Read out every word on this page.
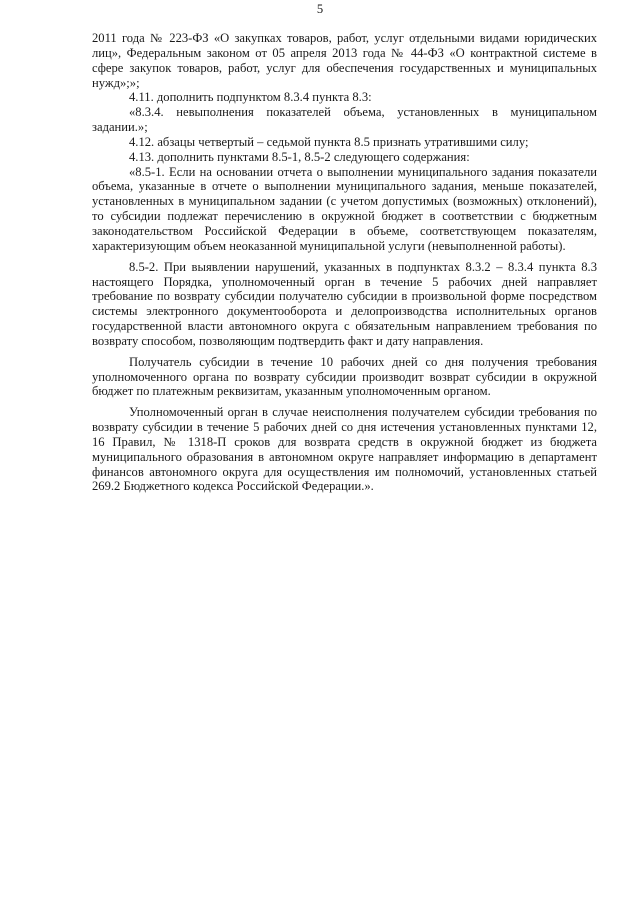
5

2011 года № 223-ФЗ «О закупках товаров, работ, услуг отдельными видами юридических лиц», Федеральным законом от 05 апреля 2013 года № 44-ФЗ «О контрактной системе в сфере закупок товаров, работ, услуг для обеспечения государственных и муниципальных нужд»;»;

4.11. дополнить подпунктом 8.3.4 пункта 8.3:

«8.3.4. невыполнения показателей объема, установленных в муниципальном задании.»;

4.12. абзацы четвертый – седьмой пункта 8.5 признать утратившими силу;

4.13. дополнить пунктами 8.5-1, 8.5-2 следующего содержания:

«8.5-1. Если на основании отчета о выполнении муниципального задания показатели объема, указанные в отчете о выполнении муниципального задания, меньше показателей, установленных в муниципальном задании (с учетом допустимых (возможных) отклонений), то субсидии подлежат перечислению в окружной бюджет в соответствии с бюджетным законодательством Российской Федерации в объеме, соответствующем показателям, характеризующим объем неоказанной муниципальной услуги (невыполненной работы).

8.5-2. При выявлении нарушений, указанных в подпунктах 8.3.2 – 8.3.4 пункта 8.3 настоящего Порядка, уполномоченный орган в течение 5 рабочих дней направляет требование по возврату субсидии получателю субсидии в произвольной форме посредством системы электронного документооборота и делопроизводства исполнительных органов государственной власти автономного округа с обязательным направлением требования по возврату способом, позволяющим подтвердить факт и дату направления.

Получатель субсидии в течение 10 рабочих дней со дня получения требования уполномоченного органа по возврату субсидии производит возврат субсидии в окружной бюджет по платежным реквизитам, указанным уполномоченным органом.

Уполномоченный орган в случае неисполнения получателем субсидии требования по возврату субсидии в течение 5 рабочих дней со дня истечения установленных пунктами 12, 16 Правил, № 1318-П сроков для возврата средств в окружной бюджет из бюджета муниципального образования в автономном округе направляет информацию в департамент финансов автономного округа для осуществления им полномочий, установленных статьей 269.2 Бюджетного кодекса Российской Федерации.».
